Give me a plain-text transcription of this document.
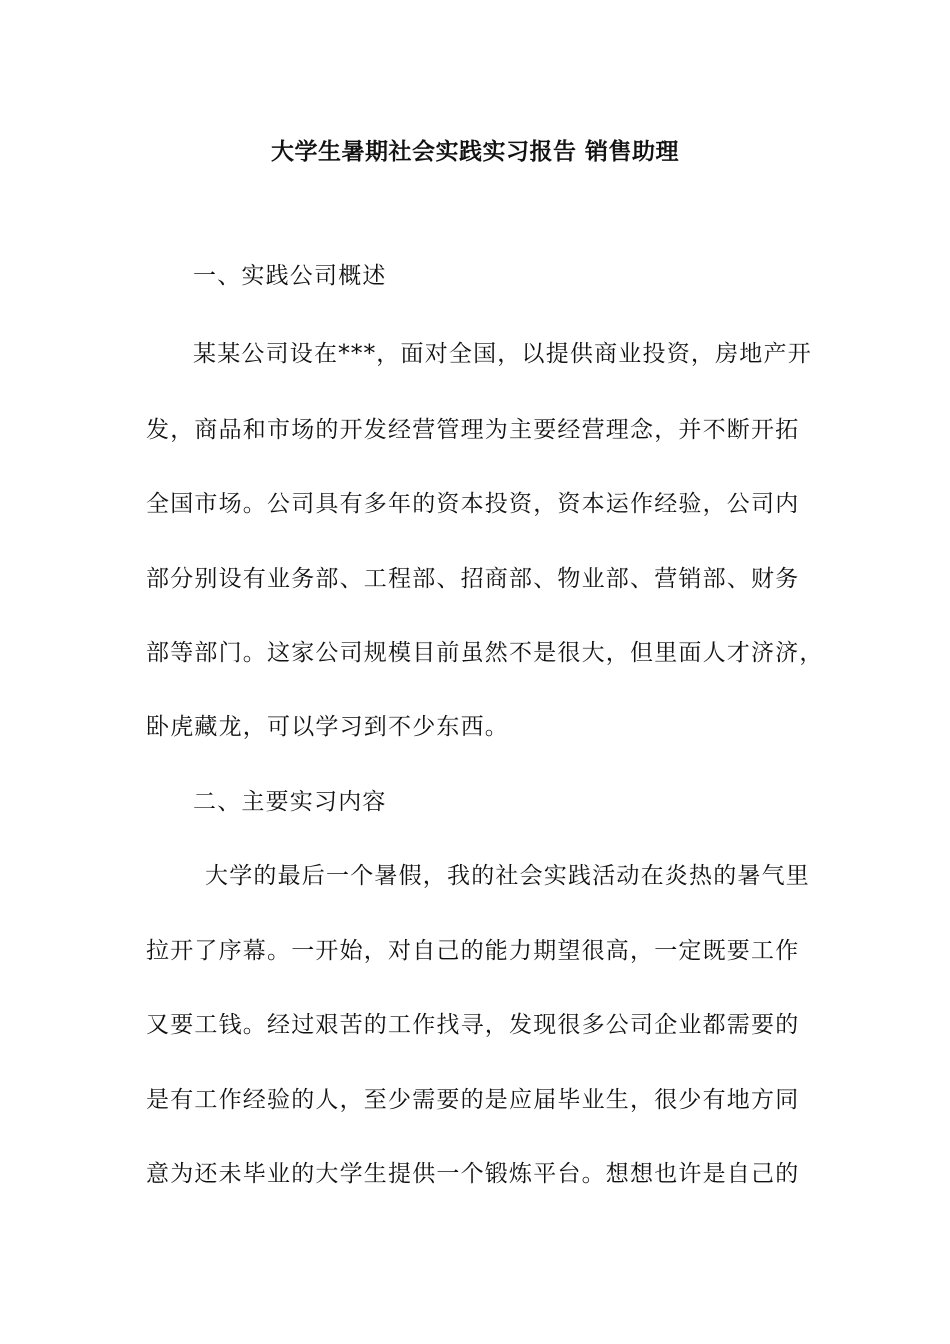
大学生暑期社会实践实习报告 销售助理
一、实践公司概述
某某公司设在***，面对全国，以提供商业投资，房地产开
发，商品和市场的开发经营管理为主要经营理念，并不断开拓
全国市场。公司具有多年的资本投资，资本运作经验，公司内
部分别设有业务部、工程部、招商部、物业部、营销部、财务
部等部门。这家公司规模目前虽然不是很大，但里面人才济济，
卧虎藏龙，可以学习到不少东西。
二、主要实习内容
大学的最后一个暑假，我的社会实践活动在炎热的暑气里
拉开了序幕。一开始，对自己的能力期望很高，一定既要工作
又要工钱。经过艰苦的工作找寻，发现很多公司企业都需要的
是有工作经验的人，至少需要的是应届毕业生，很少有地方同
意为还未毕业的大学生提供一个锻炼平台。想想也许是自己的
